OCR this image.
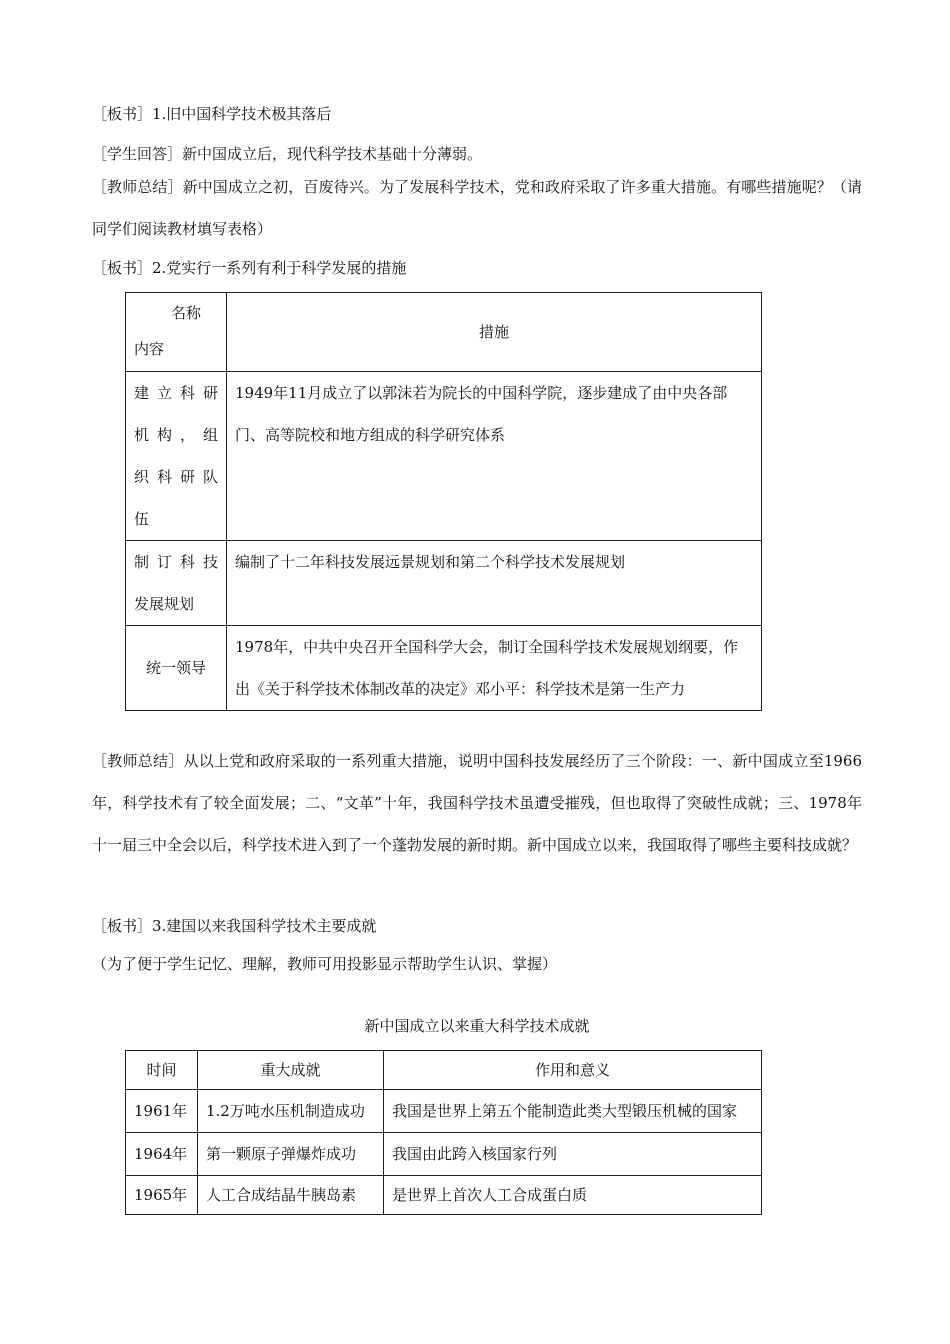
［板书］1.旧中国科学技术极其落后
［学生回答］新中国成立后，现代科学技术基础十分薄弱。
［教师总结］新中国成立之初，百废待兴。为了发展科学技术，党和政府采取了许多重大措施。有哪些措施呢？（请同学们阅读教材填写表格）
［板书］2.党实行一系列有利于科学发展的措施
名称
内容	措施

建立科研
机构，组
织科研队
伍	1949年11月成立了以郭沫若为院长的中国科学院，逐步建成了由中央各部门、高等院校和地方组成的科学研究体系

制订科技
发展规划	编制了十二年科技发展远景规划和第二个科学技术发展规划
统一领导	1978年，中共中央召开全国科学大会，制订全国科学技术发展规划纲要，作出《关于科学技术体制改革的决定》邓小平：科学技术是第一生产力
［教师总结］从以上党和政府采取的一系列重大措施，说明中国科技发展经历了三个阶段：一、新中国成立至1966年，科学技术有了较全面发展；二、“文革”十年，我国科学技术虽遭受摧残，但也取得了突破性成就；三、1978年十一届三中全会以后，科学技术进入到了一个蓬勃发展的新时期。新中国成立以来，我国取得了哪些主要科技成就？
［板书］3.建国以来我国科学技术主要成就
（为了便于学生记忆、理解，教师可用投影显示帮助学生认识、掌握）
新中国成立以来重大科学技术成就
时间	重大成就	作用和意义
1961年	1.2万吨水压机制造成功	我国是世界上第五个能制造此类大型锻压机械的国家
1964年	第一颗原子弹爆炸成功	我国由此跨入核国家行列
1965年	人工合成结晶牛胰岛素	是世界上首次人工合成蛋白质
